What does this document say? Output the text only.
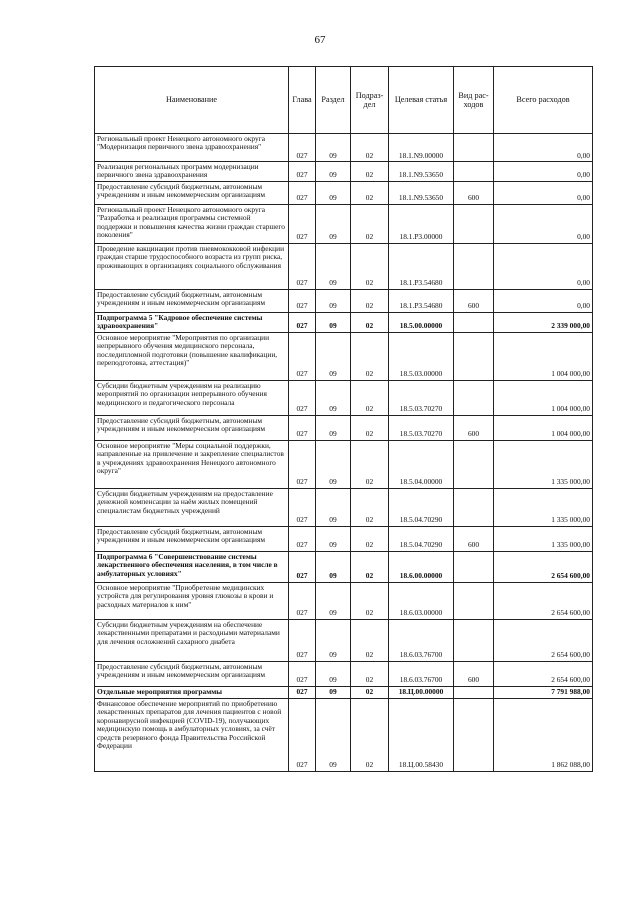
67
Наименование	Глава	Раздел	Подраз-дел	Целевая статья	Вид рас-ходов	Всего расходов
Региональный проект Ненецкого автономного округа "Модернизация первичного звена здравоохранения"	027	09	02	18.1.N9.00000		0,00
Реализация региональных программ модернизации первичного звена здравоохранения	027	09	02	18.1.N9.53650		0,00
Предоставление субсидий бюджетным, автономным учреждениям и иным некоммерческим организациям	027	09	02	18.1.N9.53650	600	0,00
Региональный проект Ненецкого автономного округа "Разработка и реализация программы системной поддержки и повышения качества жизни граждан старшего поколения"	027	09	02	18.1.P3.00000		0,00
Проведение вакцинации против пневмококковой инфекции граждан старше трудоспособного возраста из групп риска, проживающих в организациях социального обслуживания	027	09	02	18.1.P3.54680		0,00
Предоставление субсидий бюджетным, автономным учреждениям и иным некоммерческим организациям	027	09	02	18.1.P3.54680	600	0,00
Подпрограмма 5 "Кадровое обеспечение системы здравоохранения"	027	09	02	18.5.00.00000		2 339 000,00
Основное мероприятие "Мероприятия по организации непрерывного обучения медицинского персонала, последипломной подготовки (повышение квалификации, переподготовка, аттестация)"	027	09	02	18.5.03.00000		1 004 000,00
Субсидии бюджетным учреждениям на реализацию мероприятий по организации непрерывного обучения медицинского и педагогического персонала	027	09	02	18.5.03.70270		1 004 000,00
Предоставление субсидий бюджетным, автономным учреждениям и иным некоммерческим организациям	027	09	02	18.5.03.70270	600	1 004 000,00
Основное мероприятие "Меры социальной поддержки, направленные на привлечение и закрепление специалистов в учреждениях здравоохранения Ненецкого автономного округа"	027	09	02	18.5.04.00000		1 335 000,00
Субсидии бюджетным учреждениям на предоставление денежной компенсации за наём жилых помещений специалистам бюджетных учреждений	027	09	02	18.5.04.70290		1 335 000,00
Предоставление субсидий бюджетным, автономным учреждениям и иным некоммерческим организациям	027	09	02	18.5.04.70290	600	1 335 000,00
Подпрограмма 6 "Совершенствование системы лекарственного обеспечения населения, в том числе в амбулаторных условиях"	027	09	02	18.6.00.00000		2 654 600,00
Основное мероприятие "Приобретение медицинских устройств для регулирования уровня глюкозы в крови и расходных материалов к ним"	027	09	02	18.6.03.00000		2 654 600,00
Субсидии бюджетным учреждениям на обеспечение лекарственными препаратами и расходными материалами для лечения осложнений сахарного диабета	027	09	02	18.6.03.76700		2 654 600,00
Предоставление субсидий бюджетным, автономным учреждениям и иным некоммерческим организациям	027	09	02	18.6.03.76700	600	2 654 600,00
Отдельные мероприятия программы	027	09	02	18.Ц.00.00000		7 791 988,00
Финансовое обеспечение мероприятий по приобретению лекарственных препаратов для лечения пациентов с новой коронавирусной инфекцией (COVID-19), получающих медицинскую помощь в амбулаторных условиях, за счёт средств резервного фонда Правительства Российской Федерации	027	09	02	18.Ц.00.58430		1 862 088,00
